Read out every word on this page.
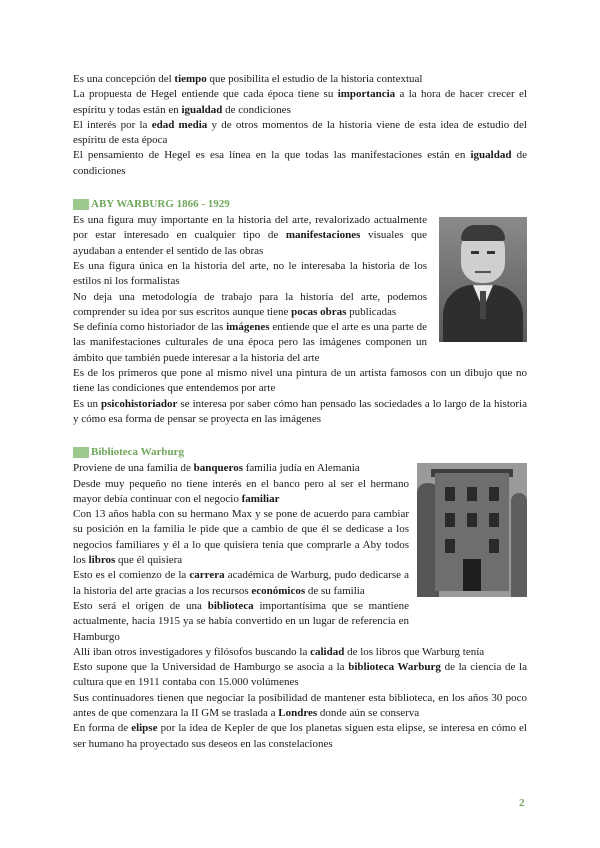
Es una concepción del tiempo que posibilita el estudio de la historia contextual

La propuesta de Hegel entiende que cada época tiene su importancia a la hora de hacer crecer el espíritu y todas están en igualdad de condiciones

El interés por la edad media y de otros momentos de la historia viene de esta idea de estudio del espíritu de esta época

El pensamiento de Hegel es esa línea en la que todas las manifestaciones están en igualdad de condiciones

ABY WARBURG 1866 - 1929

Es una figura muy importante en la historia del arte, revalorizado actualmente por estar interesado en cualquier tipo de manifestaciones visuales que ayudaban a entender el sentido de las obras

Es una figura única en la historia del arte, no le interesaba la historia de los estilos ni los formalistas

No deja una metodología de trabajo para la historia del arte, podemos comprender su idea por sus escritos aunque tiene pocas obras publicadas

Se definía como historiador de las imágenes entiende que el arte es una parte de las manifestaciones culturales de una época pero las imágenes componen un ámbito que también puede interesar a la historia del arte

Es de los primeros que pone al mismo nivel una pintura de un artista famosos con un dibujo que no tiene las condiciones que entendemos por arte

Es un psicohistoriador se interesa por saber cómo han pensado las sociedades a lo largo de la historia y cómo esa forma de pensar se proyecta en las imágenes

Biblioteca Warburg

Proviene de una familia de banqueros familia judía en Alemania

Desde muy pequeño no tiene interés en el banco pero al ser el hermano mayor debía continuar con el negocio familiar

Con 13 años habla con su hermano Max y se pone de acuerdo para cambiar su posición en la familia le pide que a cambio de que él se dedicase a los negocios familiares y él a lo que quisiera tenía que comprarle a Aby todos los libros que él quisiera

Esto es el comienzo de la carrera académica de Warburg, pudo dedicarse a la historia del arte gracias a los recursos económicos de su familia

Esto será el origen de una biblioteca importantísima que se mantiene actualmente, hacia 1915 ya se había convertido en un lugar de referencia en Hamburgo

Allí iban otros investigadores y filósofos buscando la calidad de los libros que Warburg tenía

Esto supone que la Universidad de Hamburgo se asocia a la biblioteca Warburg de la ciencia de la cultura que en 1911 contaba con 15.000 volúmenes

Sus continuadores tienen que negociar la posibilidad de mantener esta biblioteca, en los años 30 poco antes de que comenzara la II GM se traslada a Londres donde aún se conserva

En forma de elipse por la idea de Kepler de que los planetas siguen esta elipse, se interesa en cómo el ser humano ha proyectado sus deseos en las constelaciones

2
